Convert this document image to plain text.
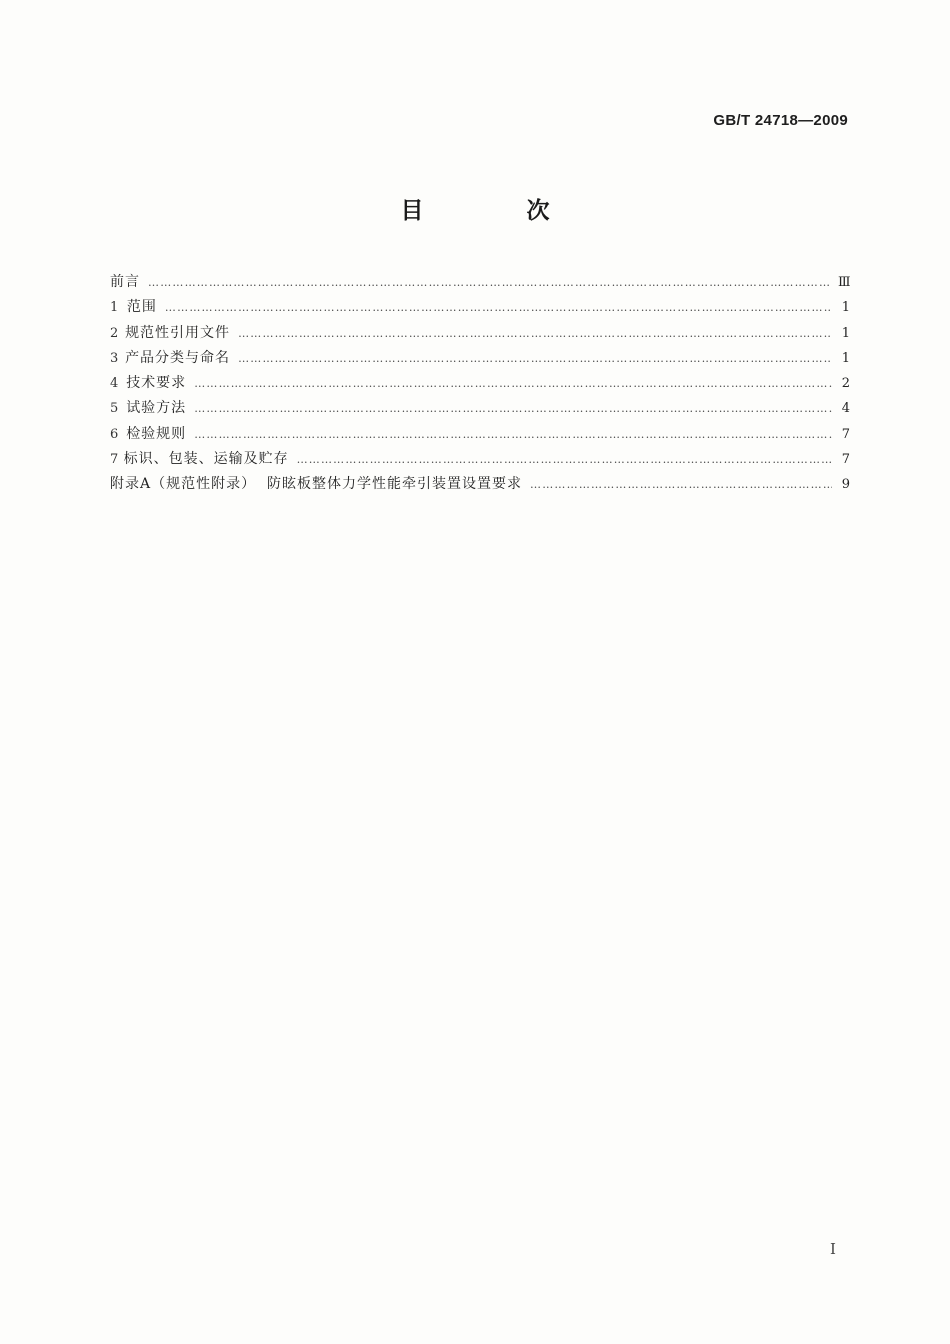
GB/T 24718—2009
目　次
前言 ………………………………………………………………………………………………………………………………………………………………………………………………………………………………	Ⅲ
1 范围 ………………………………………………………………………………………………………………………………………………………………………………………………………………………………	1
2 规范性引用文件 ………………………………………………………………………………………………………………………………………………………………………………………………………………………………	1
3 产品分类与命名 ………………………………………………………………………………………………………………………………………………………………………………………………………………………………	1
4 技术要求 ………………………………………………………………………………………………………………………………………………………………………………………………………………………………	2
5 试验方法 ………………………………………………………………………………………………………………………………………………………………………………………………………………………………	4
6 检验规则 ………………………………………………………………………………………………………………………………………………………………………………………………………………………………	7
7 标识、包装、运输及贮存 ………………………………………………………………………………………………………………………………………………………………………………………………………………………………	7
附录A（规范性附录）  防眩板整体力学性能牵引装置设置要求 ………………………………………………………………………………………………………………………………………………………………………………………………………………………………	9
Ⅰ
